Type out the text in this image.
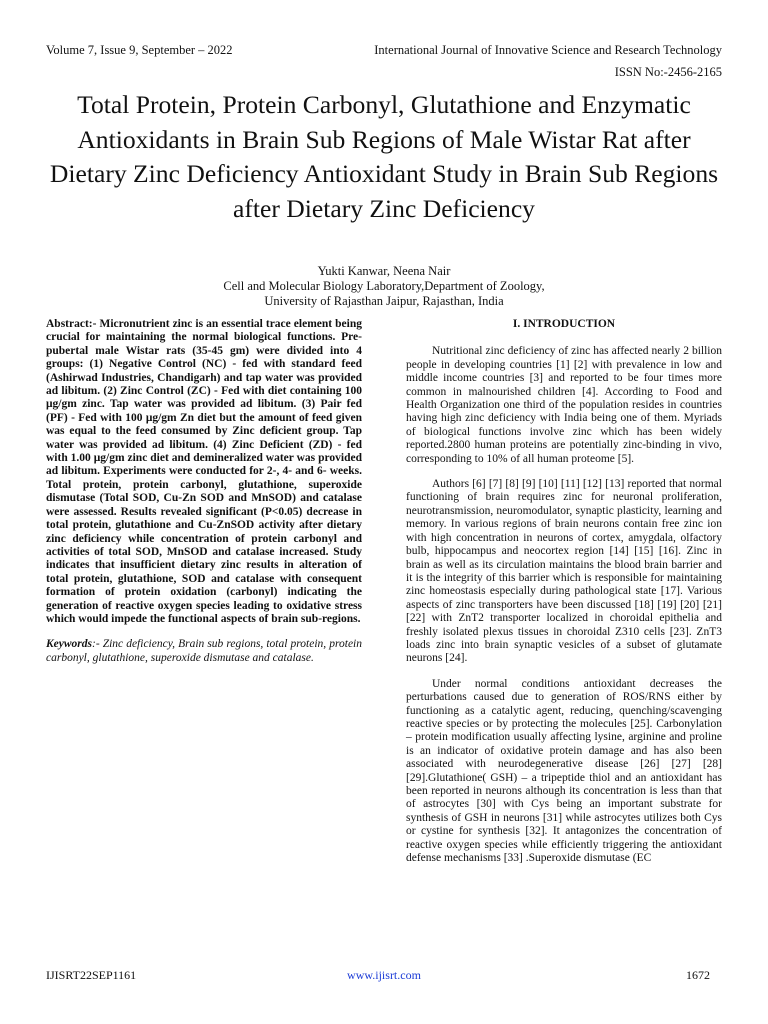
Volume 7, Issue 9, September – 2022	International Journal of Innovative Science and Research Technology
ISSN No:-2456-2165
Total Protein, Protein Carbonyl, Glutathione and Enzymatic Antioxidants in Brain Sub Regions of Male Wistar Rat after Dietary Zinc Deficiency Antioxidant Study in Brain Sub Regions after Dietary Zinc Deficiency
Yukti Kanwar, Neena Nair
Cell and Molecular Biology Laboratory,Department of Zoology,
University of Rajasthan Jaipur, Rajasthan, India

Abstract:- Micronutrient zinc is an essential trace element being crucial for maintaining the normal biological functions. Pre-pubertal male Wistar rats (35-45 gm) were divided into 4 groups: (1) Negative Control (NC) - fed with standard feed (Ashirwad Industries, Chandigarh) and tap water was provided ad libitum. (2) Zinc Control (ZC) - Fed with diet containing 100 μg/gm zinc. Tap water was provided ad libitum. (3) Pair fed (PF) - Fed with 100 μg/gm Zn diet but the amount of feed given was equal to the feed consumed by Zinc deficient group. Tap water was provided ad libitum. (4) Zinc Deficient (ZD) - fed with 1.00 μg/gm zinc diet and demineralized water was provided ad libitum. Experiments were conducted for 2-, 4- and 6- weeks. Total protein, protein carbonyl, glutathione, superoxide dismutase (Total SOD, Cu-Zn SOD and MnSOD) and catalase were assessed. Results revealed significant (P<0.05) decrease in total protein, glutathione and Cu-ZnSOD activity after dietary zinc deficiency while concentration of protein carbonyl and activities of total SOD, MnSOD and catalase increased. Study indicates that insufficient dietary zinc results in alteration of total protein, glutathione, SOD and catalase with consequent formation of protein oxidation (carbonyl) indicating the generation of reactive oxygen species leading to oxidative stress which would impede the functional aspects of brain sub-regions.

Keywords:- Zinc deficiency, Brain sub regions, total protein, protein carbonyl, glutathione, superoxide dismutase and catalase.

I. INTRODUCTION

Nutritional zinc deficiency of zinc has affected nearly 2 billion people in developing countries [1] [2] with prevalence in low and middle income countries [3] and reported to be four times more common in malnourished children [4]. According to Food and Health Organization one third of the population resides in countries having high zinc deficiency with India being one of them. Myriads of biological functions involve zinc which has been widely reported.2800 human proteins are potentially zinc-binding in vivo, corresponding to 10% of all human proteome [5].

Authors [6] [7] [8] [9] [10] [11] [12] [13] reported that normal functioning of brain requires zinc for neuronal proliferation, neurotransmission, neuromodulator, synaptic plasticity, learning and memory. In various regions of brain neurons contain free zinc ion with high concentration in neurons of cortex, amygdala, olfactory bulb, hippocampus and neocortex region [14] [15] [16]. Zinc in brain as well as its circulation maintains the blood brain barrier and it is the integrity of this barrier which is responsible for maintaining zinc homeostasis especially during pathological state [17]. Various aspects of zinc transporters have been discussed [18] [19] [20] [21] [22] with ZnT2 transporter localized in choroidal epithelia and freshly isolated plexus tissues in choroidal Z310 cells [23]. ZnT3 loads zinc into brain synaptic vesicles of a subset of glutamate neurons [24].

Under normal conditions antioxidant decreases the perturbations caused due to generation of ROS/RNS either by functioning as a catalytic agent, reducing, quenching/scavenging reactive species or by protecting the molecules [25]. Carbonylation – protein modification usually affecting lysine, arginine and proline is an indicator of oxidative protein damage and has also been associated with neurodegenerative disease [26] [27] [28] [29].Glutathione( GSH) – a tripeptide thiol and an antioxidant has been reported in neurons although its concentration is less than that of astrocytes [30] with Cys being an important substrate for synthesis of GSH in neurons [31] while astrocytes utilizes both Cys or cystine for synthesis [32]. It antagonizes the concentration of reactive oxygen species while efficiently triggering the antioxidant defense mechanisms [33] .Superoxide dismutase (EC

IJISRT22SEP1161	www.ijisrt.com	1672
